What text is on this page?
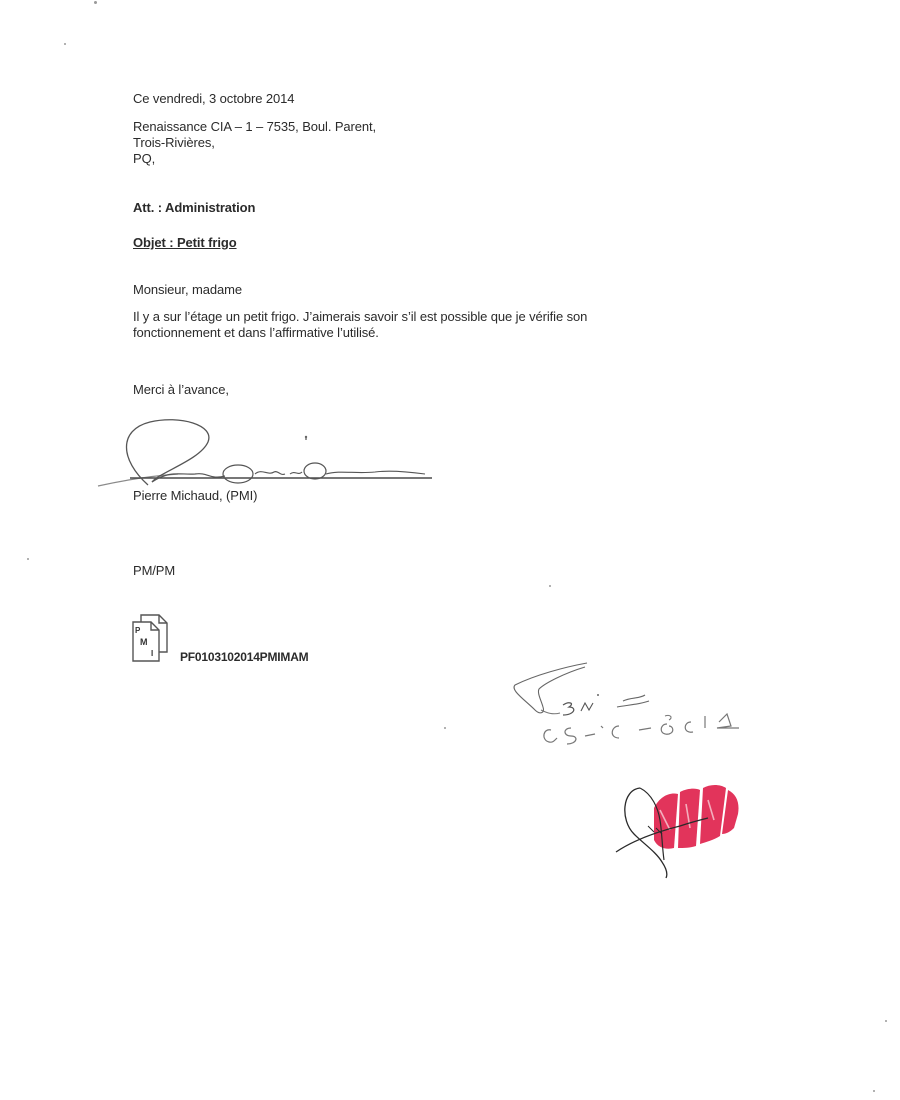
Ce vendredi, 3 octobre 2014
Renaissance CIA – 1 – 7535, Boul. Parent,
Trois-Rivières,
PQ,
Att. : Administration
Objet : Petit frigo
Monsieur, madame
Il y a sur l’étage un petit frigo. J’aimerais savoir s’il est possible que je vérifie son
fonctionnement et dans l’affirmative l’utilisé.
Merci à l’avance,
Pierre Michaud, (PMI)
PM/PM
P
M
I PF0103102014PMIMAM
